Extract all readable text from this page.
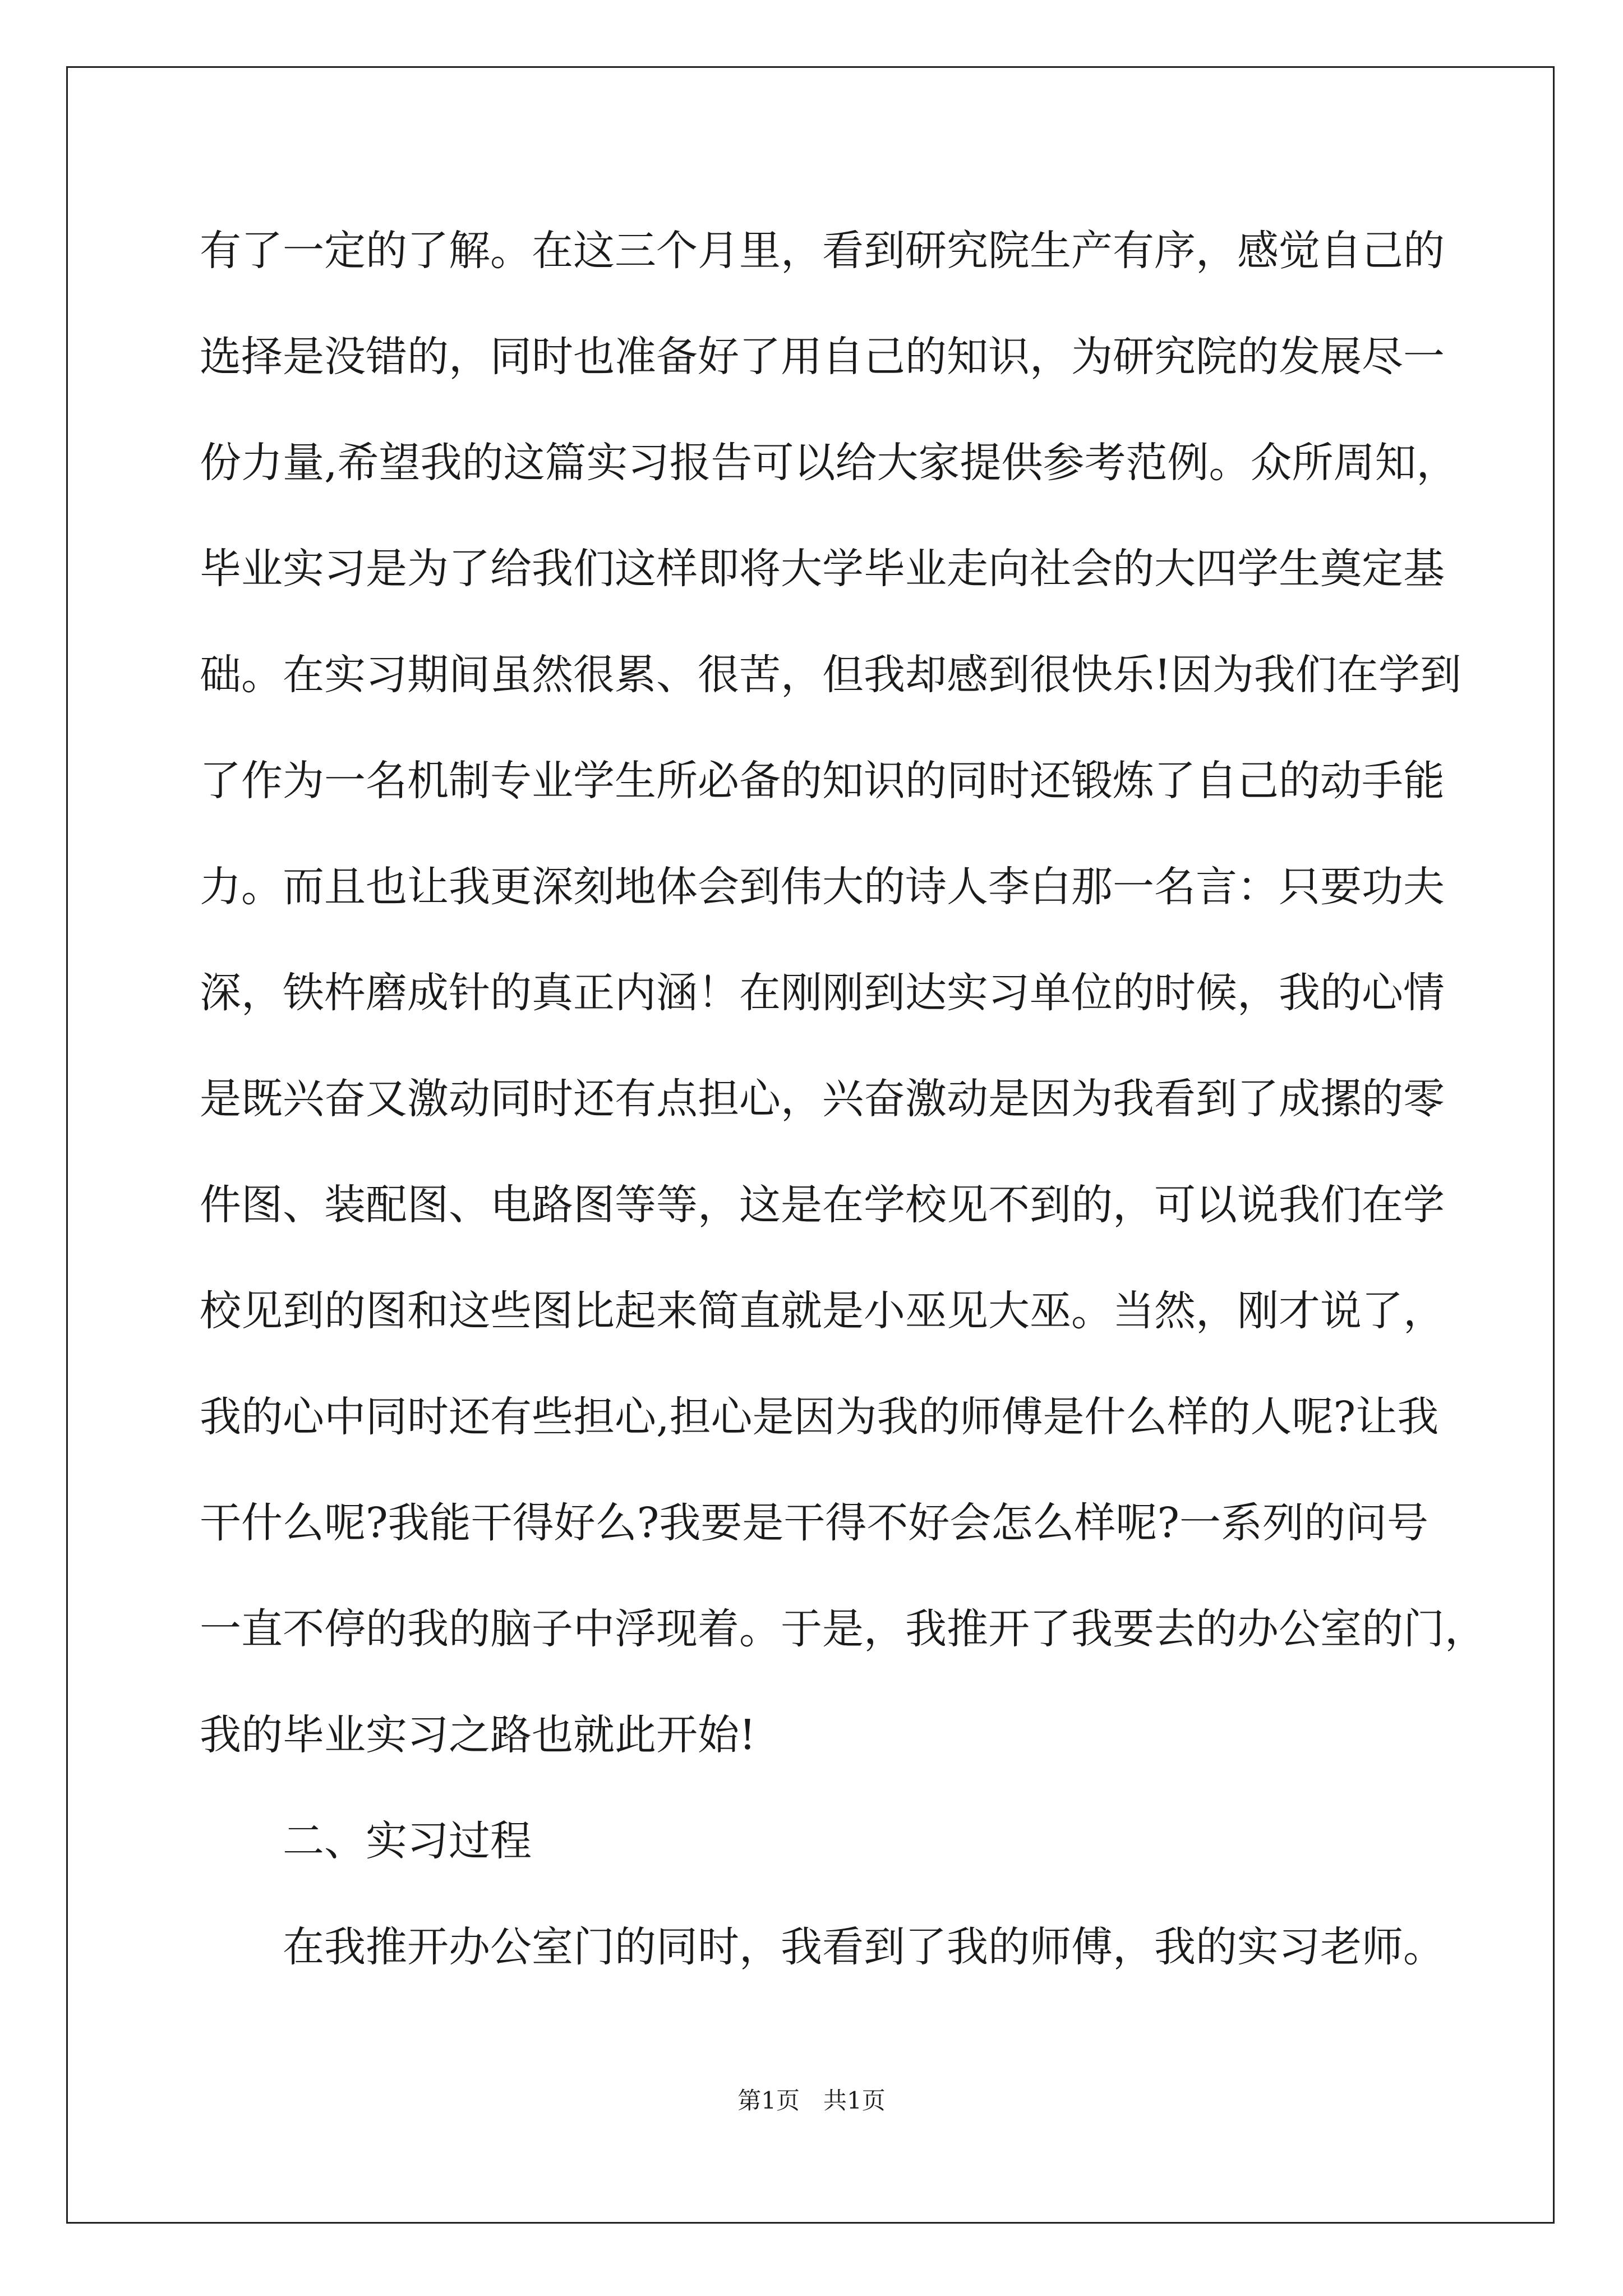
有了一定的了解。在这三个月里，看到研究院生产有序，感觉自己的
选择是没错的，同时也准备好了用自己的知识，为研究院的发展尽一
份力量,希望我的这篇实习报告可以给大家提供参考范例。众所周知，
毕业实习是为了给我们这样即将大学毕业走向社会的大四学生奠定基
础。在实习期间虽然很累、很苦，但我却感到很快乐!因为我们在学到
了作为一名机制专业学生所必备的知识的同时还锻炼了自己的动手能
力。而且也让我更深刻地体会到伟大的诗人李白那一名言：只要功夫
深，铁杵磨成针的真正内涵！在刚刚到达实习单位的时候，我的心情
是既兴奋又激动同时还有点担心，兴奋激动是因为我看到了成摞的零
件图、装配图、电路图等等，这是在学校见不到的，可以说我们在学
校见到的图和这些图比起来简直就是小巫见大巫。当然，刚才说了，
我的心中同时还有些担心,担心是因为我的师傅是什么样的人呢?让我
干什么呢?我能干得好么?我要是干得不好会怎么样呢?一系列的问号
一直不停的我的脑子中浮现着。于是，我推开了我要去的办公室的门，
我的毕业实习之路也就此开始!
二、实习过程
在我推开办公室门的同时，我看到了我的师傅，我的实习老师。
第1页　共1页
